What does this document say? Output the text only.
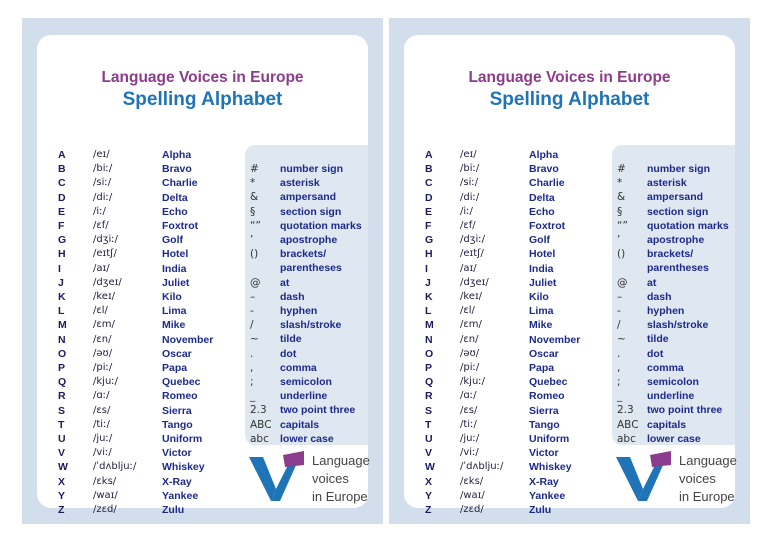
Language Voices in Europe
Spelling Alphabet
A	/eɪ/	Alpha
B	/biː/	Bravo
C	/siː/	Charlie
D	/diː/	Delta
E	/iː/	Echo
F	/ɛf/	Foxtrot
G	/dʒiː/	Golf
H	/eɪtʃ/	Hotel
I	/aɪ/	India
J	/dʒeɪ/	Juliet
K	/keɪ/	Kilo
L	/ɛl/	Lima
M	/ɛm/	Mike
N	/ɛn/	November
O	/əʊ/	Oscar
P	/piː/	Papa
Q	/kjuː/	Quebec
R	/ɑː/	Romeo
S	/ɛs/	Sierra
T	/tiː/	Tango
U	/juː/	Uniform
V	/viː/	Victor
W	/ˈdʌbljuː/ Whiskey
X	/ɛks/	X-Ray
Y	/waɪ/	Yankee
Z	/zɛd/	Zulu
# number sign
* asterisk
& ampersand
§ section sign
“” quotation marks
’	apostrophe
() brackets/
parentheses
@ at
– dash
- hyphen
/	slash/stroke
~ tilde
.	dot
,	comma
;	semicolon
_ underline
2.3 two point three
ABC capitals
abc lower case
Language
voices
in Europe
Language Voices in Europe
Spelling Alphabet
A	/eɪ/	Alpha
B	/biː/	Bravo
C	/siː/	Charlie
D	/diː/	Delta
E	/iː/	Echo
F	/ɛf/	Foxtrot
G	/dʒiː/	Golf
H	/eɪtʃ/	Hotel
I	/aɪ/	India
J	/dʒeɪ/	Juliet
K	/keɪ/	Kilo
L	/ɛl/	Lima
M	/ɛm/	Mike
N	/ɛn/	November
O	/əʊ/	Oscar
P	/piː/	Papa
Q	/kjuː/	Quebec
R	/ɑː/	Romeo
S	/ɛs/	Sierra
T	/tiː/	Tango
U	/juː/	Uniform
V	/viː/	Victor
W	/ˈdʌbljuː/ Whiskey
X	/ɛks/	X-Ray
Y	/waɪ/	Yankee
Z	/zɛd/	Zulu
# number sign
* asterisk
& ampersand
§ section sign
“” quotation marks
’	apostrophe
() brackets/
parentheses
@ at
– dash
- hyphen
/	slash/stroke
~ tilde
.	dot
,	comma
;	semicolon
_ underline
2.3 two point three
ABC capitals
abc lower case
Language
voices
in Europe
